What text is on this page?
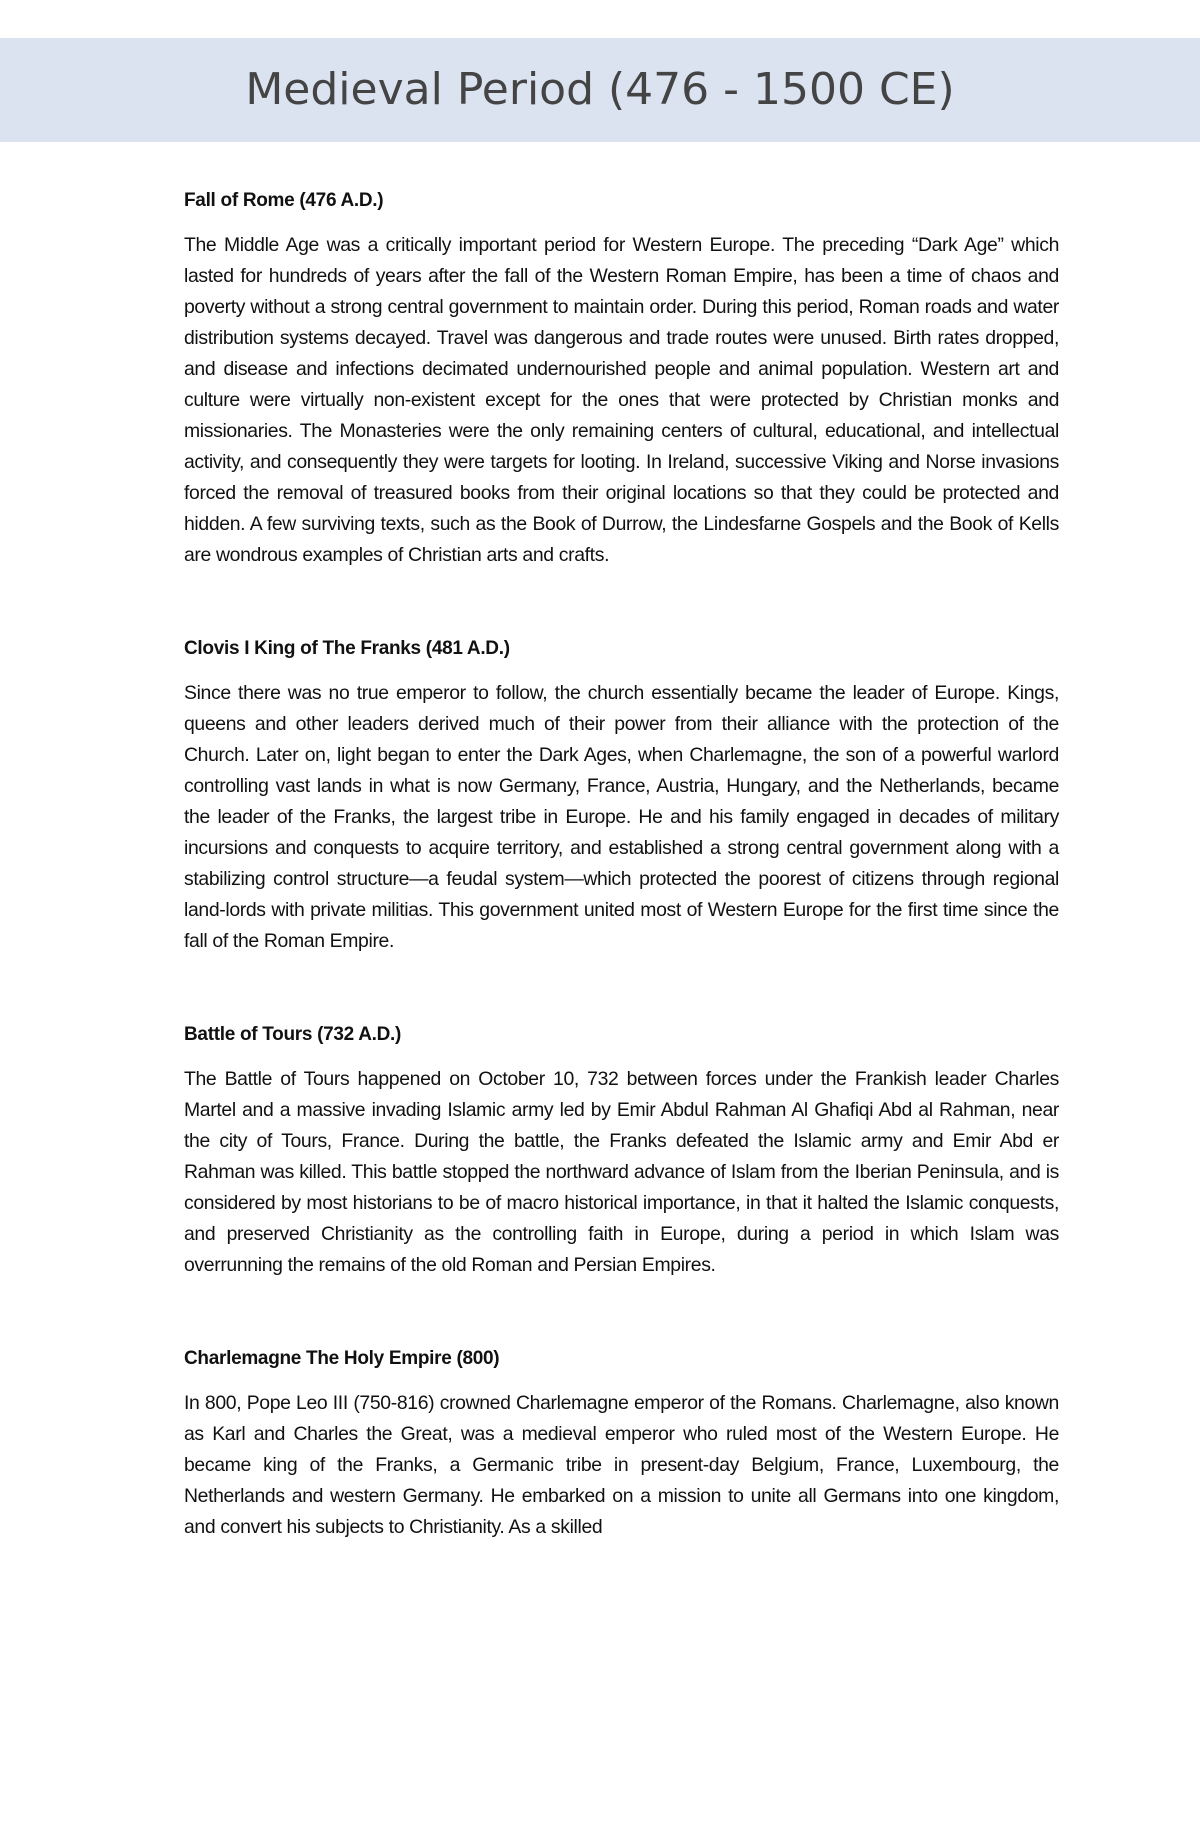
Medieval Period (476 - 1500 CE)
Fall of Rome (476 A.D.)

The Middle Age was a critically important period for Western Europe. The preceding “Dark Age” which lasted for hundreds of years after the fall of the Western Roman Empire, has been a time of chaos and poverty without a strong central government to maintain order. During this period, Roman roads and water distribution systems decayed. Travel was dangerous and trade routes were unused. Birth rates dropped, and disease and infections decimated undernourished people and animal population. Western art and culture were virtually non-existent except for the ones that were protected by Christian monks and missionaries. The Monasteries were the only remaining centers of cultural, educational, and intellectual activity, and consequently they were targets for looting. In Ireland, successive Viking and Norse invasions forced the removal of treasured books from their original locations so that they could be protected and hidden. A few surviving texts, such as the Book of Durrow, the Lindesfarne Gospels and the Book of Kells are wondrous examples of Christian arts and crafts.

Clovis I King of The Franks (481 A.D.)

Since there was no true emperor to follow, the church essentially became the leader of Europe. Kings, queens and other leaders derived much of their power from their alliance with the protection of the Church. Later on, light began to enter the Dark Ages, when Charlemagne, the son of a powerful warlord controlling vast lands in what is now Germany, France, Austria, Hungary, and the Netherlands, became the leader of the Franks, the largest tribe in Europe. He and his family engaged in decades of military incursions and conquests to acquire territory, and established a strong central government along with a stabilizing control structure—a feudal system—which protected the poorest of citizens through regional land-lords with private militias. This government united most of Western Europe for the first time since the fall of the Roman Empire.

Battle of Tours (732 A.D.)

The Battle of Tours happened on October 10, 732 between forces under the Frankish leader Charles Martel and a massive invading Islamic army led by Emir Abdul Rahman Al Ghafiqi Abd al Rahman, near the city of Tours, France. During the battle, the Franks defeated the Islamic army and Emir Abd er Rahman was killed. This battle stopped the northward advance of Islam from the Iberian Peninsula, and is considered by most historians to be of macro historical importance, in that it halted the Islamic conquests, and preserved Christianity as the controlling faith in Europe, during a period in which Islam was overrunning the remains of the old Roman and Persian Empires.

Charlemagne The Holy Empire (800)

In 800, Pope Leo III (750-816) crowned Charlemagne emperor of the Romans. Charlemagne, also known as Karl and Charles the Great, was a medieval emperor who ruled most of the Western Europe. He became king of the Franks, a Germanic tribe in present-day Belgium, France, Luxembourg, the Netherlands and western Germany. He embarked on a mission to unite all Germans into one kingdom, and convert his subjects to Christianity. As a skilled
